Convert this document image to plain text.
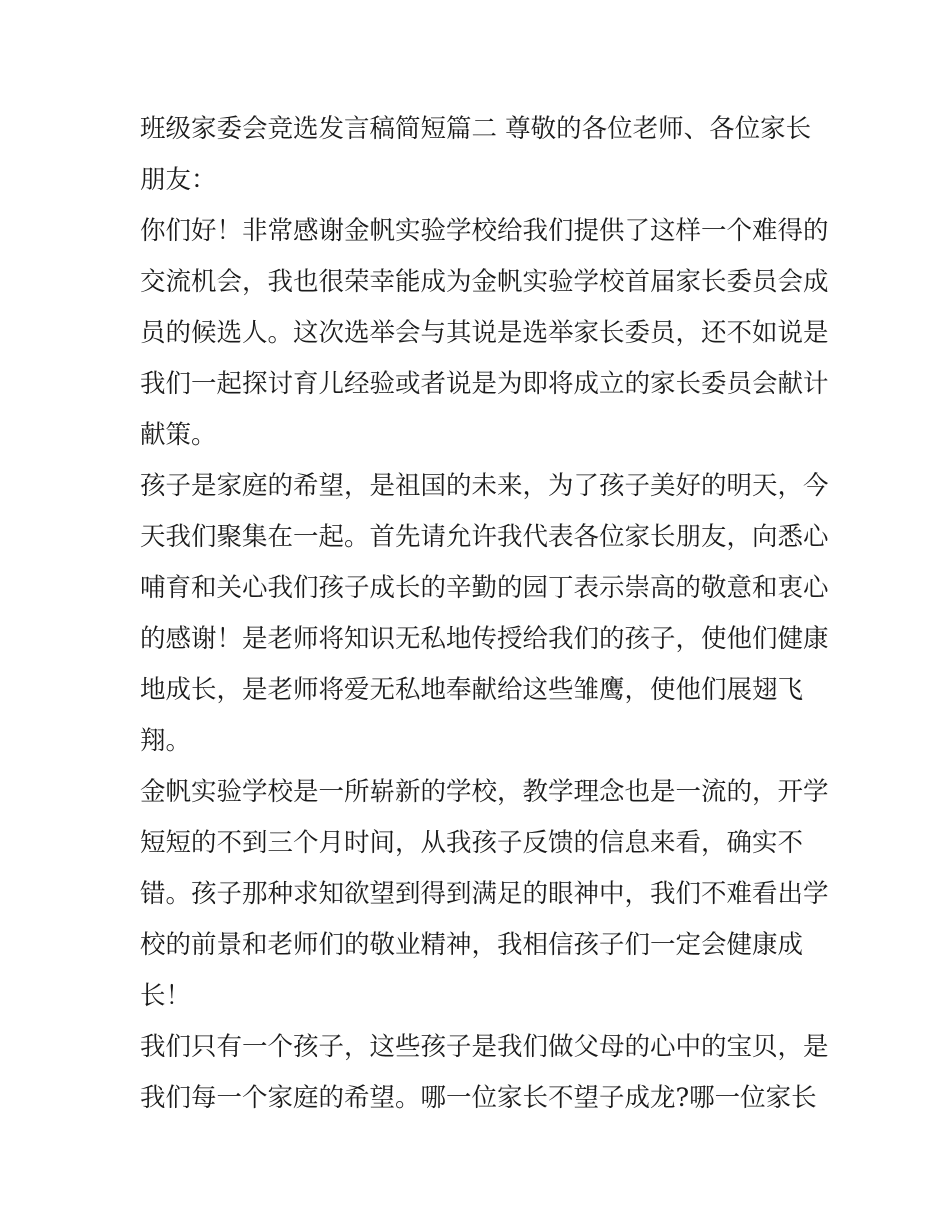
班级家委会竞选发言稿简短篇二 尊敬的各位老师、各位家长
朋友：
你们好！非常感谢金帆实验学校给我们提供了这样一个难得的
交流机会，我也很荣幸能成为金帆实验学校首届家长委员会成
员的候选人。这次选举会与其说是选举家长委员，还不如说是
我们一起探讨育儿经验或者说是为即将成立的家长委员会献计
献策。
孩子是家庭的希望，是祖国的未来，为了孩子美好的明天，今
天我们聚集在一起。首先请允许我代表各位家长朋友，向悉心
哺育和关心我们孩子成长的辛勤的园丁表示崇高的敬意和衷心
的感谢！是老师将知识无私地传授给我们的孩子，使他们健康
地成长，是老师将爱无私地奉献给这些雏鹰，使他们展翅飞
翔。
金帆实验学校是一所崭新的学校，教学理念也是一流的，开学
短短的不到三个月时间，从我孩子反馈的信息来看，确实不
错。孩子那种求知欲望到得到满足的眼神中，我们不难看出学
校的前景和老师们的敬业精神，我相信孩子们一定会健康成
长！
我们只有一个孩子，这些孩子是我们做父母的心中的宝贝，是
我们每一个家庭的希望。哪一位家长不望子成龙?哪一位家长
